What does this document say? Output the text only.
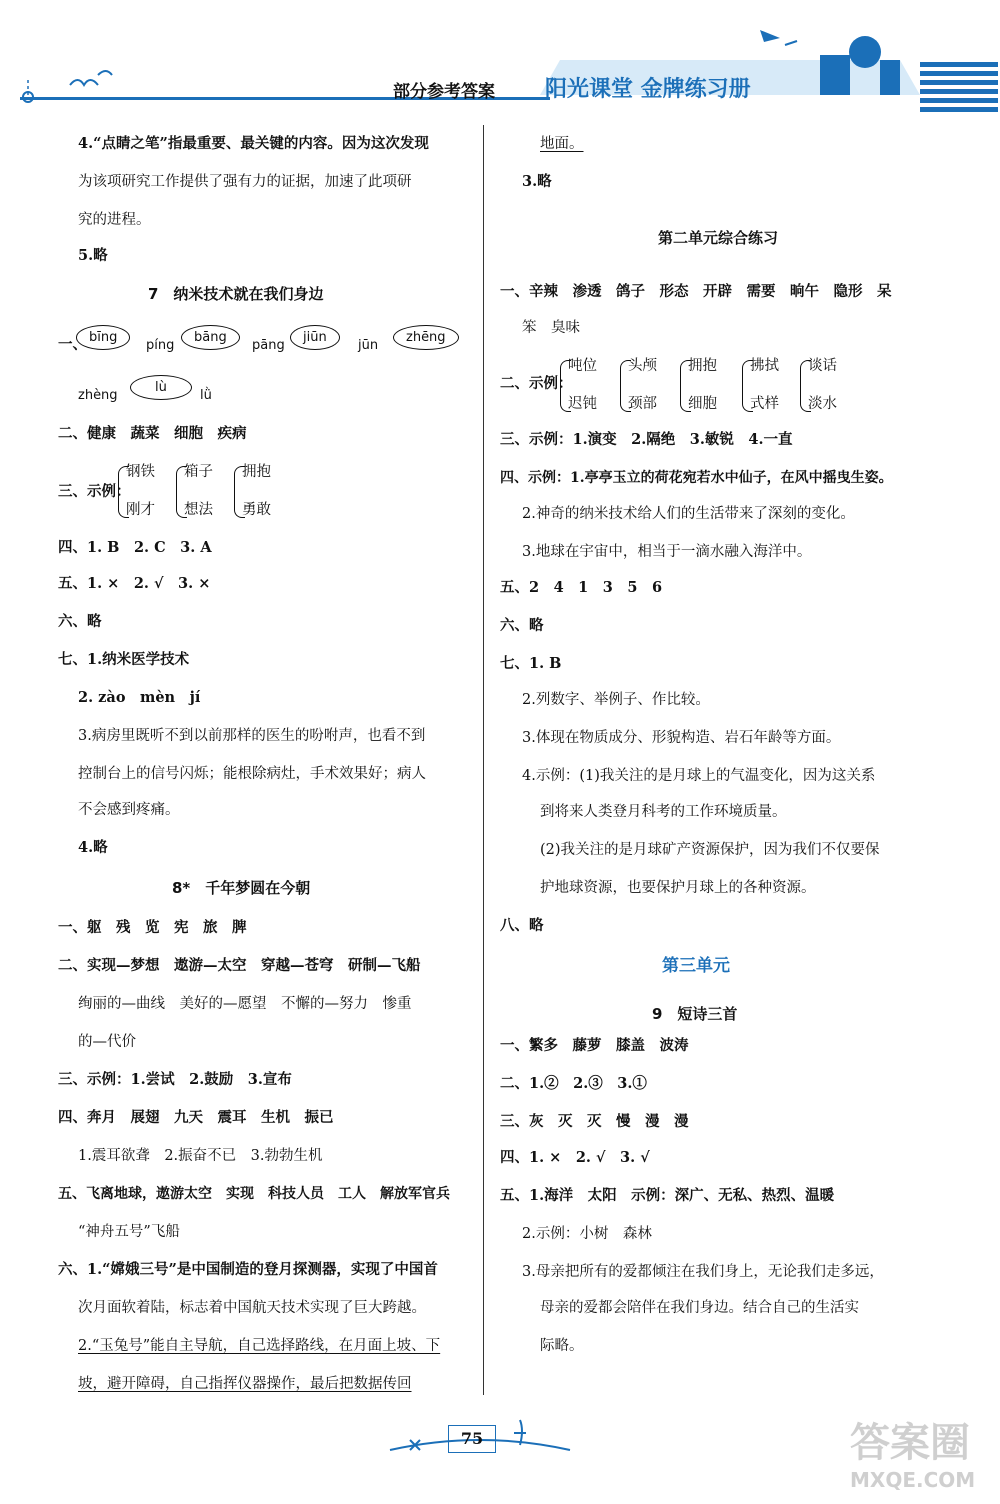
部分参考答案 阳光课堂 金牌练习册
4.“点睛之笔”指最重要、最关键的内容。因为这次发现
为该项研究工作提供了强有力的证据，加速了此项研
究的进程。
5.略
7　纳米技术就在我们身边
一、 bīng
píng
bāng
pāng
jiūn
jūn
zhēng
zhèng
lù
lǜ
二、健康　蔬菜　细胞　疾病
三、示例：
钢铁
刚才
箱子
想法
拥抱
勇敢
四、1. B　2. C　3. A
五、1. ×　2. √　3. ×
六、略
七、1.纳米医学技术
2. zào　mèn　jí
3.病房里既听不到以前那样的医生的吩咐声，也看不到
控制台上的信号闪烁；能根除病灶，手术效果好；病人
不会感到疼痛。
4.略
8*　千年梦圆在今朝
一、躯　残　览　宪　旅　脾
二、实现—梦想　遨游—太空　穿越—苍穹　研制—飞船
绚丽的—曲线　美好的—愿望　不懈的—努力　惨重
的—代价
三、示例：1.尝试　2.鼓励　3.宣布
四、奔月　展翅　九天　震耳　生机　振已
1.震耳欲聋　2.振奋不已　3.勃勃生机
五、飞离地球，遨游太空　实现　科技人员　工人　解放军官兵
“神舟五号”飞船
六、1.“嫦娥三号”是中国制造的登月探测器，实现了中国首
次月面软着陆，标志着中国航天技术实现了巨大跨越。
2.“玉兔号”能自主导航，自己选择路线，在月面上坡、下
坡，避开障碍，自己指挥仪器操作，最后把数据传回
地面。
3.略
第二单元综合练习
一、辛辣　渗透　鸽子　形态　开辟　需要　晌午　隐形　呆
笨　臭味
二、示例：
吨位
迟钝
头颅
颈部
拥抱
细胞
拂拭
式样
谈话
淡水
三、示例：1.演变　2.隔绝　3.敏锐　4.一直
四、示例：1.亭亭玉立的荷花宛若水中仙子，在风中摇曳生姿。
2.神奇的纳米技术给人们的生活带来了深刻的变化。
3.地球在宇宙中，相当于一滴水融入海洋中。
五、2　4　1　3　5　6
六、略
七、1. B
2.列数字、举例子、作比较。
3.体现在物质成分、形貌构造、岩石年龄等方面。
4.示例：(1)我关注的是月球上的气温变化，因为这关系
到将来人类登月科考的工作环境质量。
(2)我关注的是月球矿产资源保护，因为我们不仅要保
护地球资源，也要保护月球上的各种资源。
八、略
第三单元
9　短诗三首
一、繁多　藤萝　膝盖　波涛
二、1.②　2.③　3.①
三、灰　灭　灭　慢　漫　漫
四、1. ×　2. √　3. √
五、1.海洋　太阳　示例：深广、无私、热烈、温暖
2.示例：小树　森林
3.母亲把所有的爱都倾注在我们身上，无论我们走多远，
母亲的爱都会陪伴在我们身边。结合自己的生活实
际略。
75	答案圈
MXQE.COM
